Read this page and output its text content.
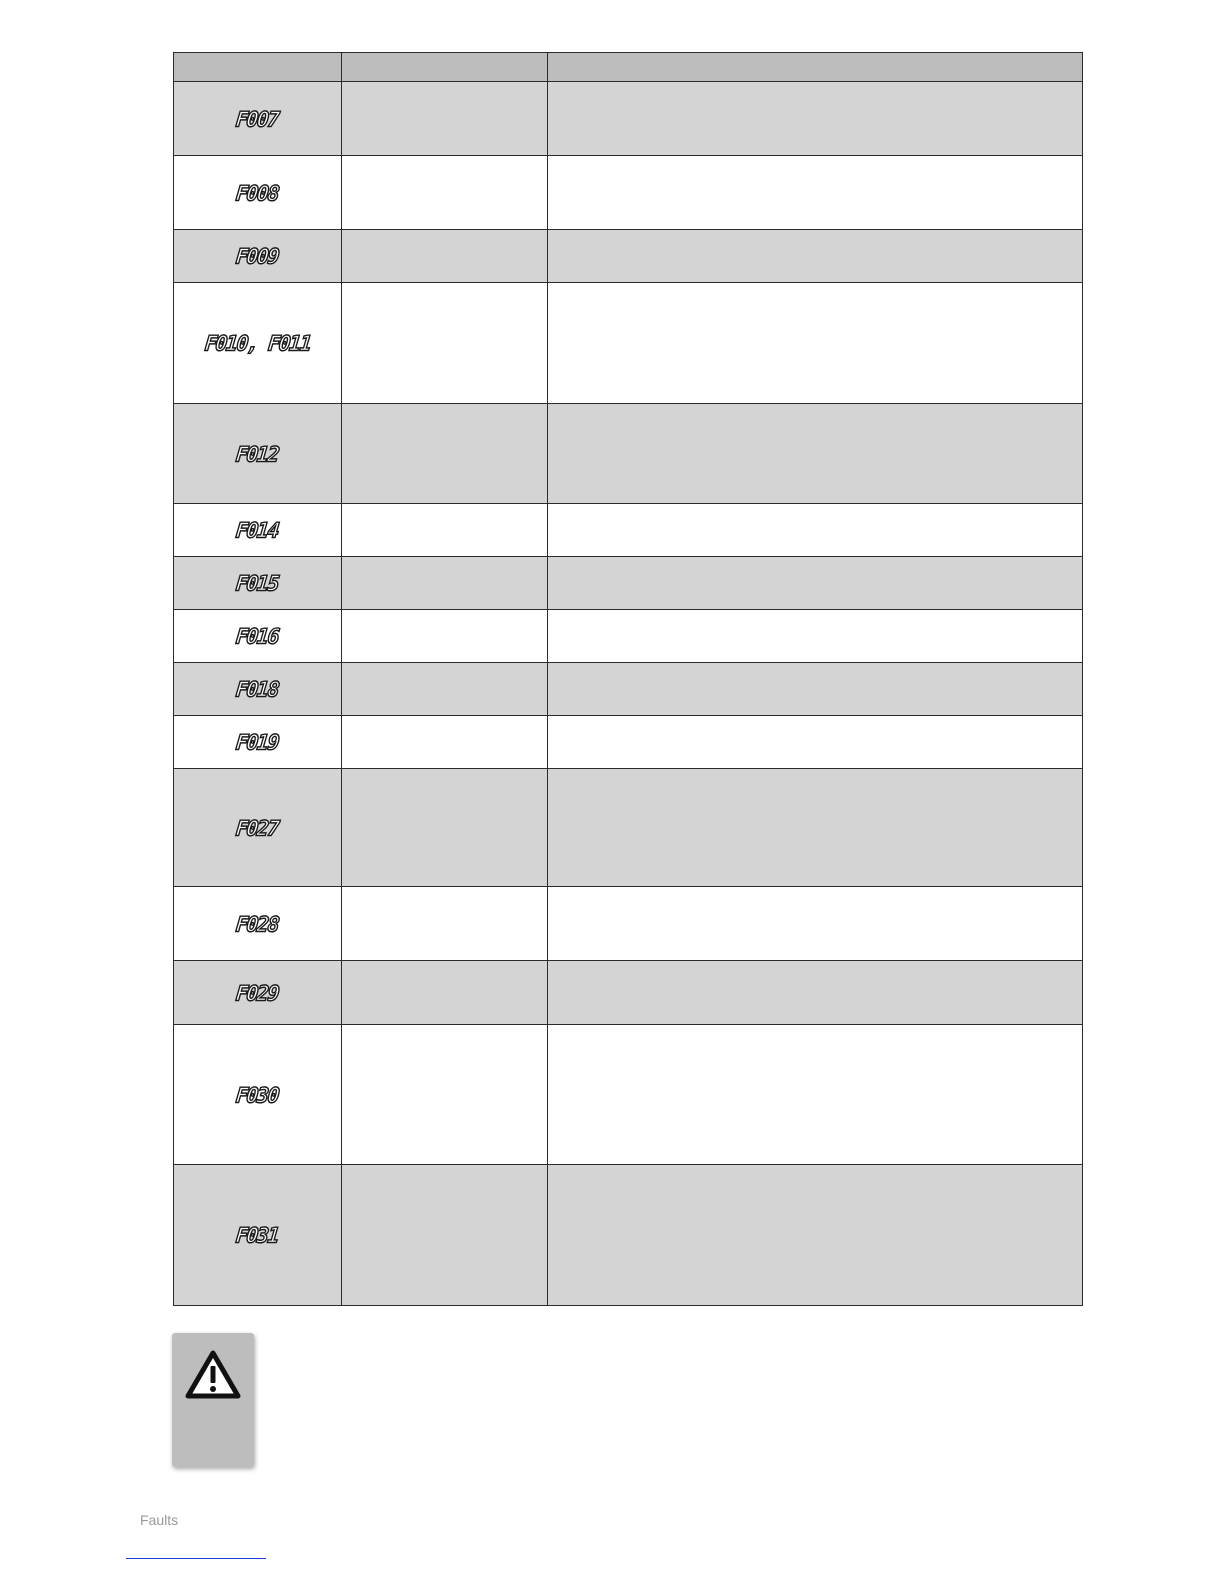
F007		
F008		
F009		
F010, F011		
F012		
F014		
F015		
F016		
F018		
F019		
F027		
F028		
F029		
F030		
F031		
Faults
